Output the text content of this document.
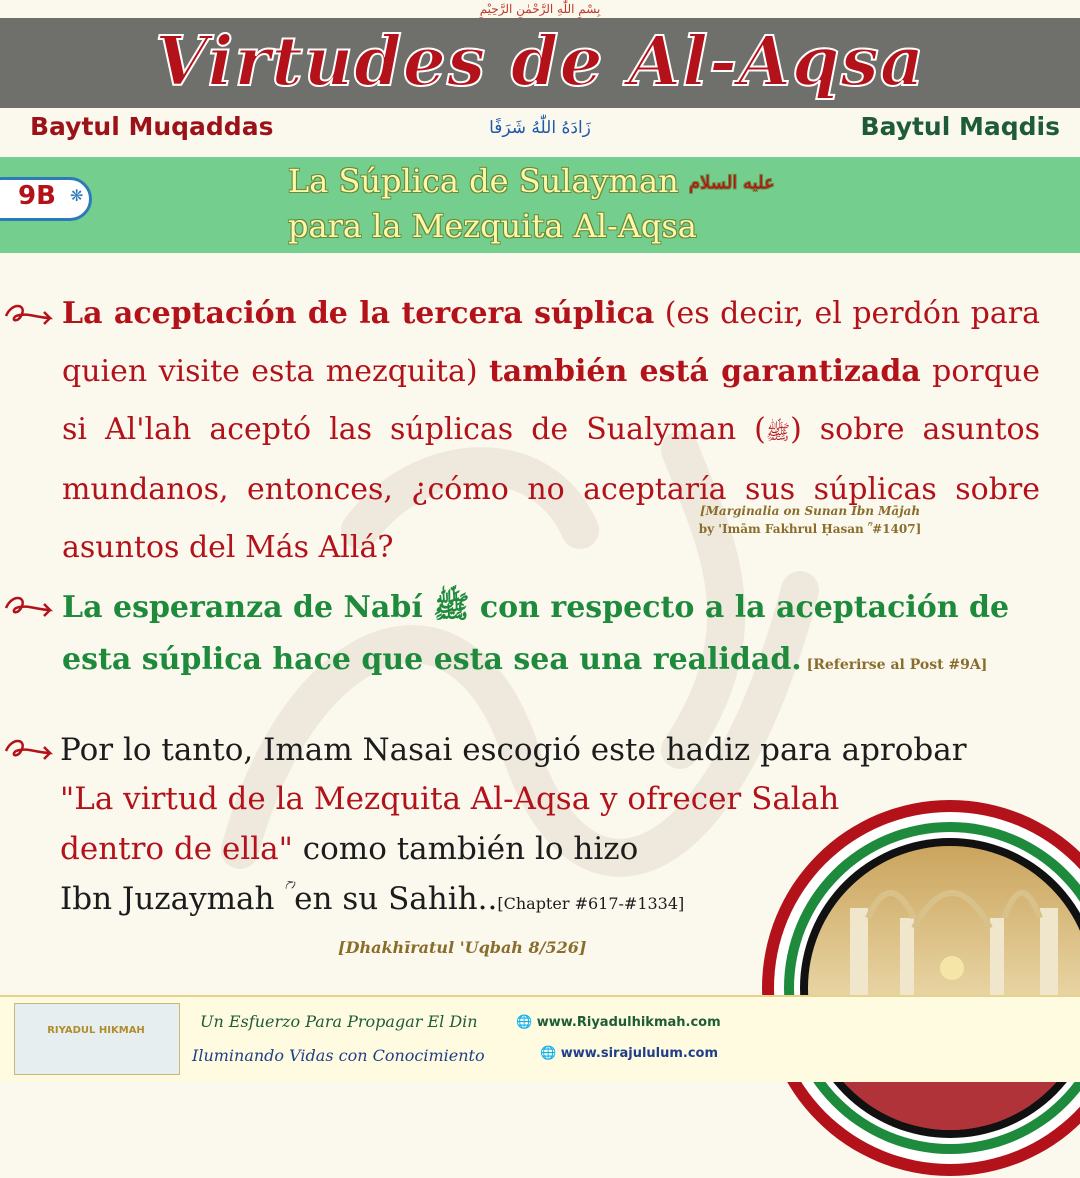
بِسْمِ اللّٰهِ الرَّحْمٰنِ الرَّحِيْمِ
Virtudes de Al-Aqsa
Baytul Muqaddas	زَادَهُ اللّٰهُ شَرَفًا	Baytul Maqdis
9B ❋	La Súplica de Sulayman عليه السلام
para la Mezquita Al-Aqsa
La aceptación de la tercera súplica (es decir, el perdón para quien visite esta mezquita) también está garantizada porque si Al'lah aceptó las súplicas de Sualyman (ﷺ) sobre asuntos mundanos, entonces, ¿cómo no aceptaría sus súplicas sobre asuntos del Más Allá?
[Marginalia on Sunan Ibn Mājah
by 'Imām Fakhrul Ḥasan ؒ #1407]
La esperanza de Nabí ﷺ con respecto a la aceptación de esta súplica hace que esta sea una realidad. [Referirse al Post #9A]
Por lo tanto, Imam Nasai escogió este hadiz para aprobar
"La virtud de la Mezquita Al-Aqsa y ofrecer Salah
dentro de ella" como también lo hizo
Ibn Juzaymah ؒ en su Sahih..[Chapter #617-#1334]
[Dhakhīratul 'Uqbah 8/526]
RIYADUL HIKMAH	Un Esfuerzo Para Propagar El Din
Iluminando Vidas con Conocimiento
🌐 www.Riyadulhikmah.com
🌐 www.sirajululum.com
